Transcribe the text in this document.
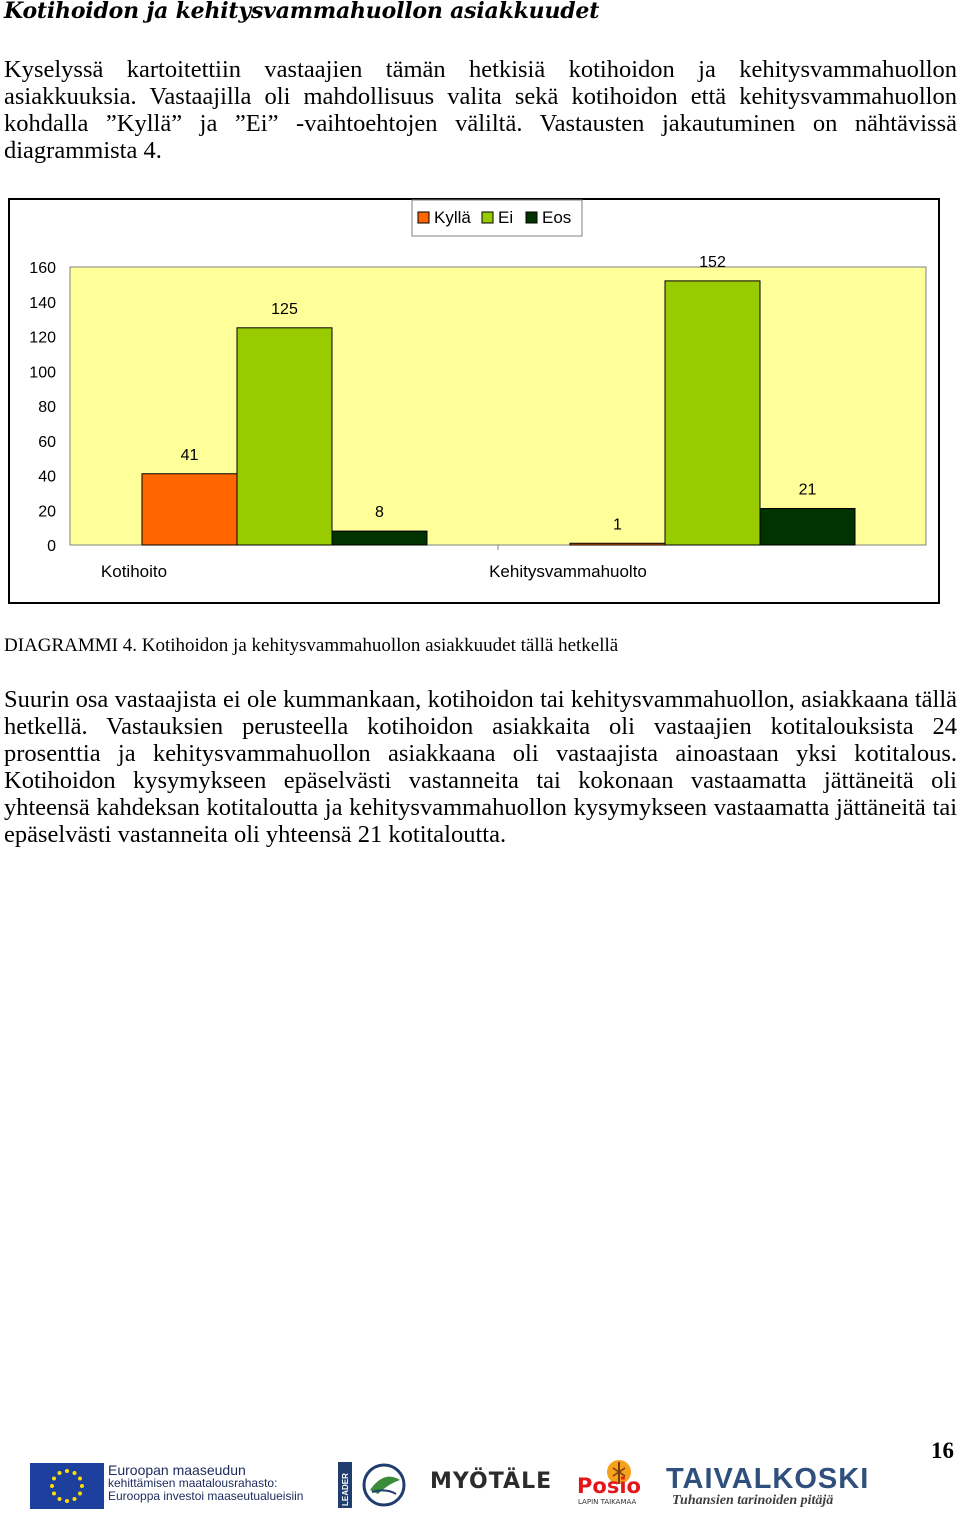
Kotihoidon ja kehitysvammahuollon asiakkuudet
Kyselyssä kartoitettiin vastaajien tämän hetkisiä kotihoidon ja kehitysvammahuollon asiakkuuksia. Vastaajilla oli mahdollisuus valita sekä kotihoidon että kehitysvammahuollon kohdalla ”Kyllä” ja ”Ei” -vaihtoehtojen väliltä. Vastausten jakautuminen on nähtävissä diagrammista 4.
0
20
40
60
80
100
120
140
160
41
125
8
Kotihoito
1
152
21
Kehitysvammahuolto
Kyllä Ei Eos
DIAGRAMMI 4. Kotihoidon ja kehitysvammahuollon asiakkuudet tällä hetkellä
Suurin osa vastaajista ei ole kummankaan, kotihoidon tai kehitysvammahuollon, asiakkaana tällä hetkellä. Vastauksien perusteella kotihoidon asiakkaita oli vastaajien kotitalouksista 24 prosenttia ja kehitysvammahuollon asiakkaana oli vastaajista ainoastaan yksi kotitalous. Kotihoidon kysymykseen epäselvästi vastanneita tai kokonaan vastaamatta jättäneitä oli yhteensä kahdeksan kotitaloutta ja kehitysvammahuollon kysymykseen vastaamatta jättäneitä tai epäselvästi vastanneita oli yhteensä 21 kotitaloutta.
16
Euroopan maaseudun
kehittämisen maatalousrahasto:
Eurooppa investoi maaseutualueisiin	LEADER	MYÖTÄLE Posio
LAPIN TAIKAMAA
TAIVALKOSKI
Tuhansien tarinoiden pitäjä
